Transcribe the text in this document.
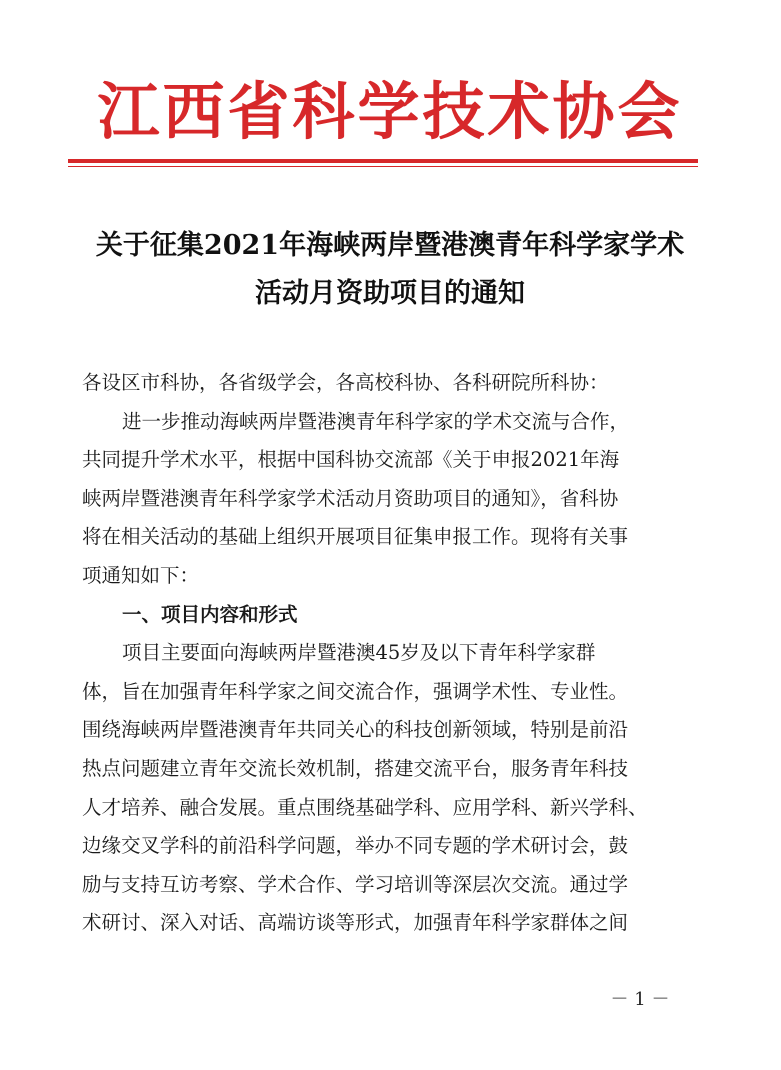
江西省科学技术协会
关于征集2021年海峡两岸暨港澳青年科学家学术
活动月资助项目的通知
各设区市科协，各省级学会，各高校科协、各科研院所科协：
进一步推动海峡两岸暨港澳青年科学家的学术交流与合作，
共同提升学术水平，根据中国科协交流部《关于申报2021年海
峡两岸暨港澳青年科学家学术活动月资助项目的通知》，省科协
将在相关活动的基础上组织开展项目征集申报工作。现将有关事
项通知如下：
一、项目内容和形式
项目主要面向海峡两岸暨港澳45岁及以下青年科学家群
体，旨在加强青年科学家之间交流合作，强调学术性、专业性。
围绕海峡两岸暨港澳青年共同关心的科技创新领域，特别是前沿
热点问题建立青年交流长效机制，搭建交流平台，服务青年科技
人才培养、融合发展。重点围绕基础学科、应用学科、新兴学科、
边缘交叉学科的前沿科学问题，举办不同专题的学术研讨会，鼓
励与支持互访考察、学术合作、学习培训等深层次交流。通过学
术研讨、深入对话、高端访谈等形式，加强青年科学家群体之间
－ 1 －
